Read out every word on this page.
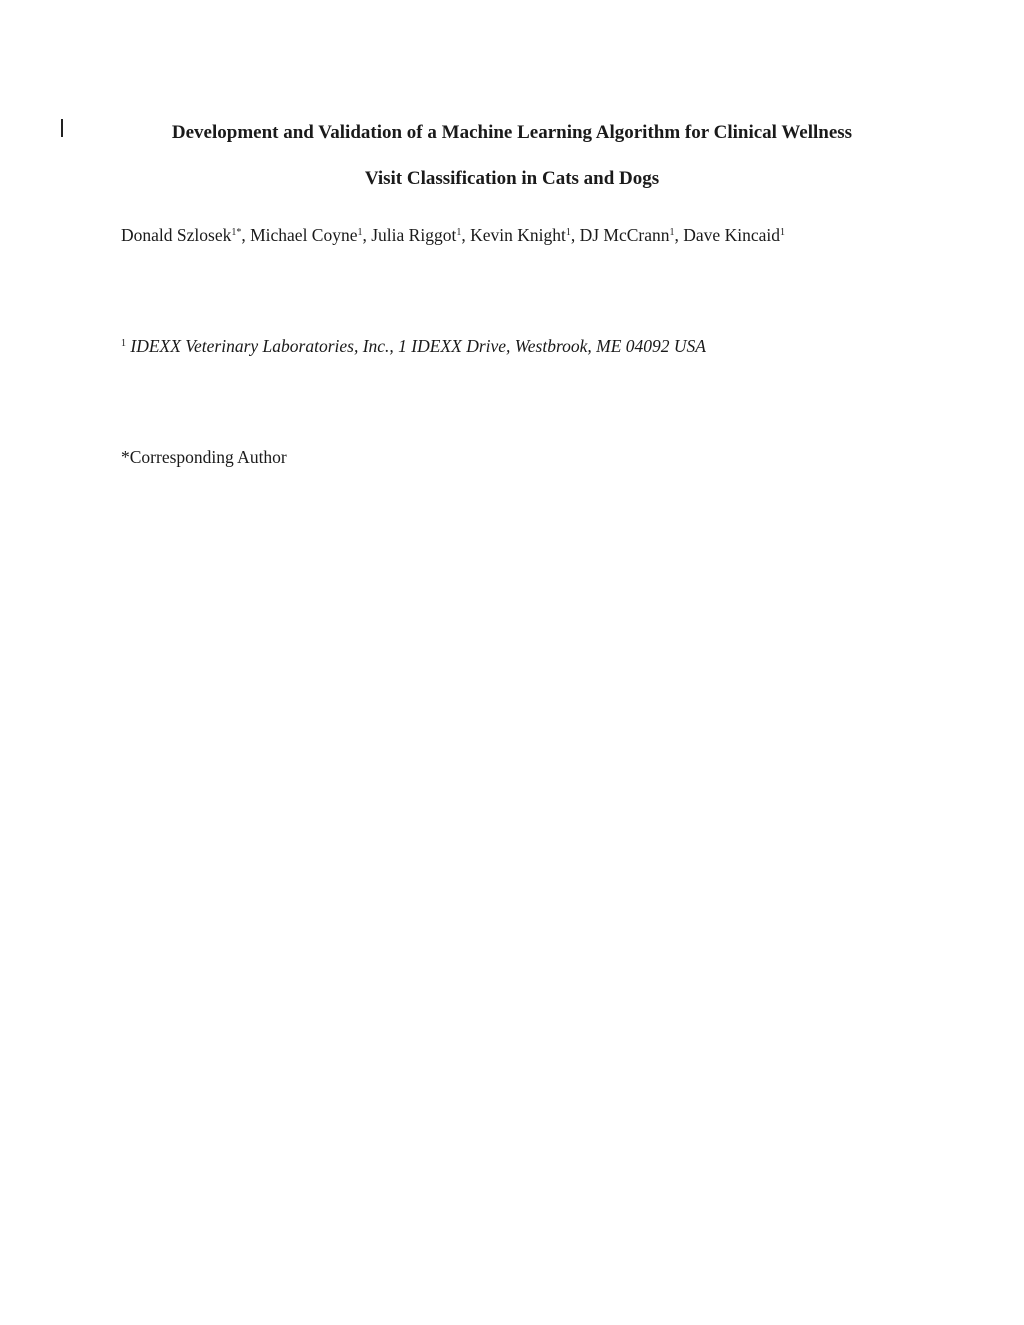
Development and Validation of a Machine Learning Algorithm for Clinical Wellness
Visit Classification in Cats and Dogs
Donald Szlosek$^{1*}$, Michael Coyne$^1$, Julia Riggot$^1$, Kevin Knight$^1$, DJ McCrann$^1$, Dave Kincaid$^1$
$^1$ IDEXX Veterinary Laboratories, Inc., 1 IDEXX Drive, Westbrook, ME 04092 USA
*Corresponding Author
